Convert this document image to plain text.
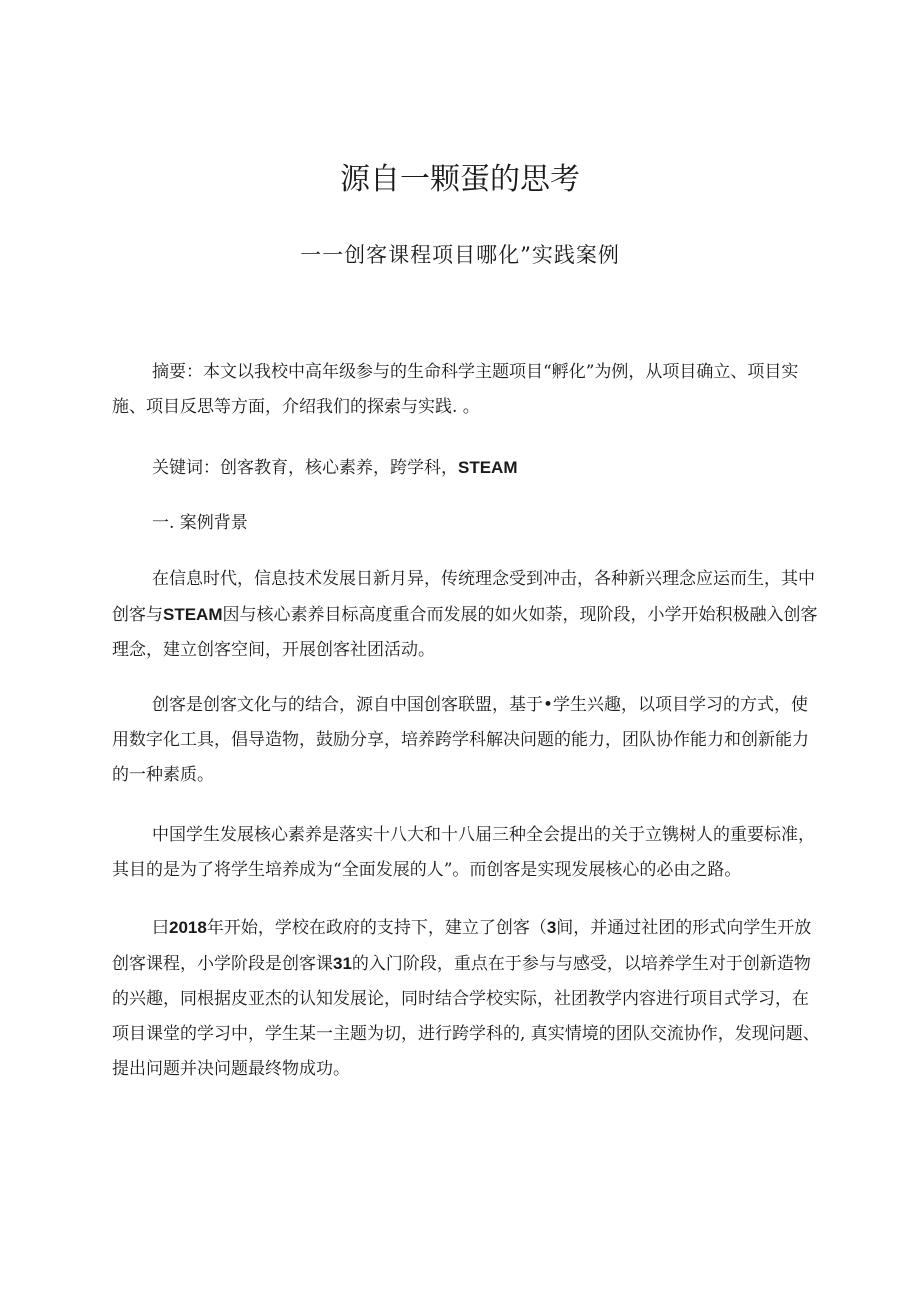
源自一颗蛋的思考
一一创客课程项目哪化”实践案例
摘要：本文以我校中高年级参与的生命科学主题项目“孵化”为例，从项目确立、项目实
施、项目反思等方面，介绍我们的探索与实践. 。
关键词：创客教育，核心素养，跨学科，STEAM
一. 案例背景
在信息时代，信息技术发展日新月异，传统理念受到冲击，各种新兴理念应运而生，其中
创客与STEAM因与核心素养目标高度重合而发展的如火如荼，现阶段，小学开始积极融入创客
理念，建立创客空间，开展创客社团活动。
创客是创客文化与的结合，源自中国创客联盟，基于•学生兴趣，以项目学习的方式，使
用数字化工具，倡导造物，鼓励分享，培养跨学科解决问题的能力，团队协作能力和创新能力
的一种素质。
中国学生发展核心素养是落实十八大和十八届三种全会提出的关于立镌树人的重要标准，
其目的是为了将学生培养成为“全面发展的人”。而创客是实现发展核心的必由之路。
曰2018年开始，学校在政府的支持下，建立了创客（3间，并通过社团的形式向学生开放
创客课程，小学阶段是创客课31的入门阶段，重点在于参与与感受，以培养学生对于创新造物
的兴趣，同根据皮亚杰的认知发展论，同时结合学校实际，社团教学内容进行项目式学习，在
项目课堂的学习中，学生某一主题为切，进行跨学科的, 真实情境的团队交流协作，发现问题、
提出问题并决问题最终物成功。
